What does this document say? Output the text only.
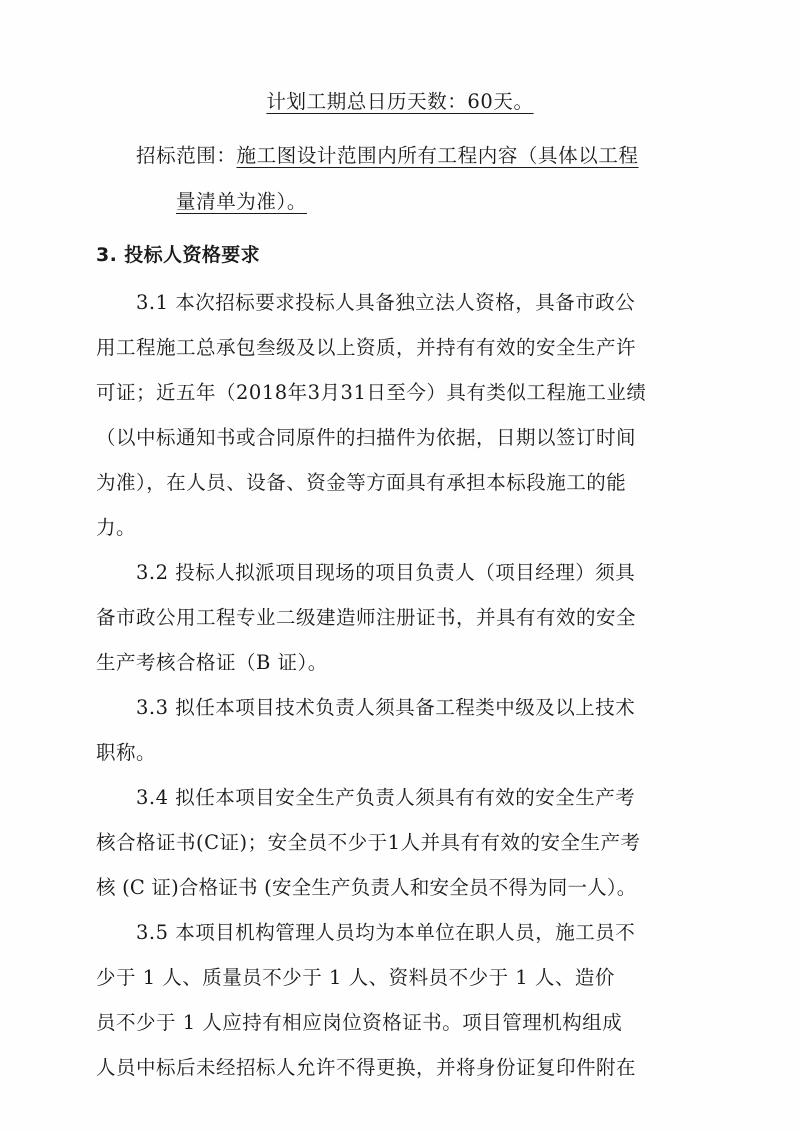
计划工期总日历天数：60天。
招标范围：施工图设计范围内所有工程内容（具体以工程
量清单为准）。
3. 投标人资格要求
3.1 本次招标要求投标人具备独立法人资格，具备市政公
用工程施工总承包叁级及以上资质，并持有有效的安全生产许
可证；近五年（2018年3月31日至今）具有类似工程施工业绩
（以中标通知书或合同原件的扫描件为依据，日期以签订时间
为准），在人员、设备、资金等方面具有承担本标段施工的能
力。
3.2 投标人拟派项目现场的项目负责人（项目经理）须具
备市政公用工程专业二级建造师注册证书，并具有有效的安全
生产考核合格证（B 证）。
3.3 拟任本项目技术负责人须具备工程类中级及以上技术
职称。
3.4 拟任本项目安全生产负责人须具有有效的安全生产考
核合格证书(C证)；安全员不少于1人并具有有效的安全生产考
核 (C 证)合格证书 (安全生产负责人和安全员不得为同一人）。
3.5 本项目机构管理人员均为本单位在职人员，施工员不
少于 1 人、质量员不少于 1 人、资料员不少于 1 人、造价
员不少于 1 人应持有相应岗位资格证书。项目管理机构组成
人员中标后未经招标人允许不得更换，并将身份证复印件附在
